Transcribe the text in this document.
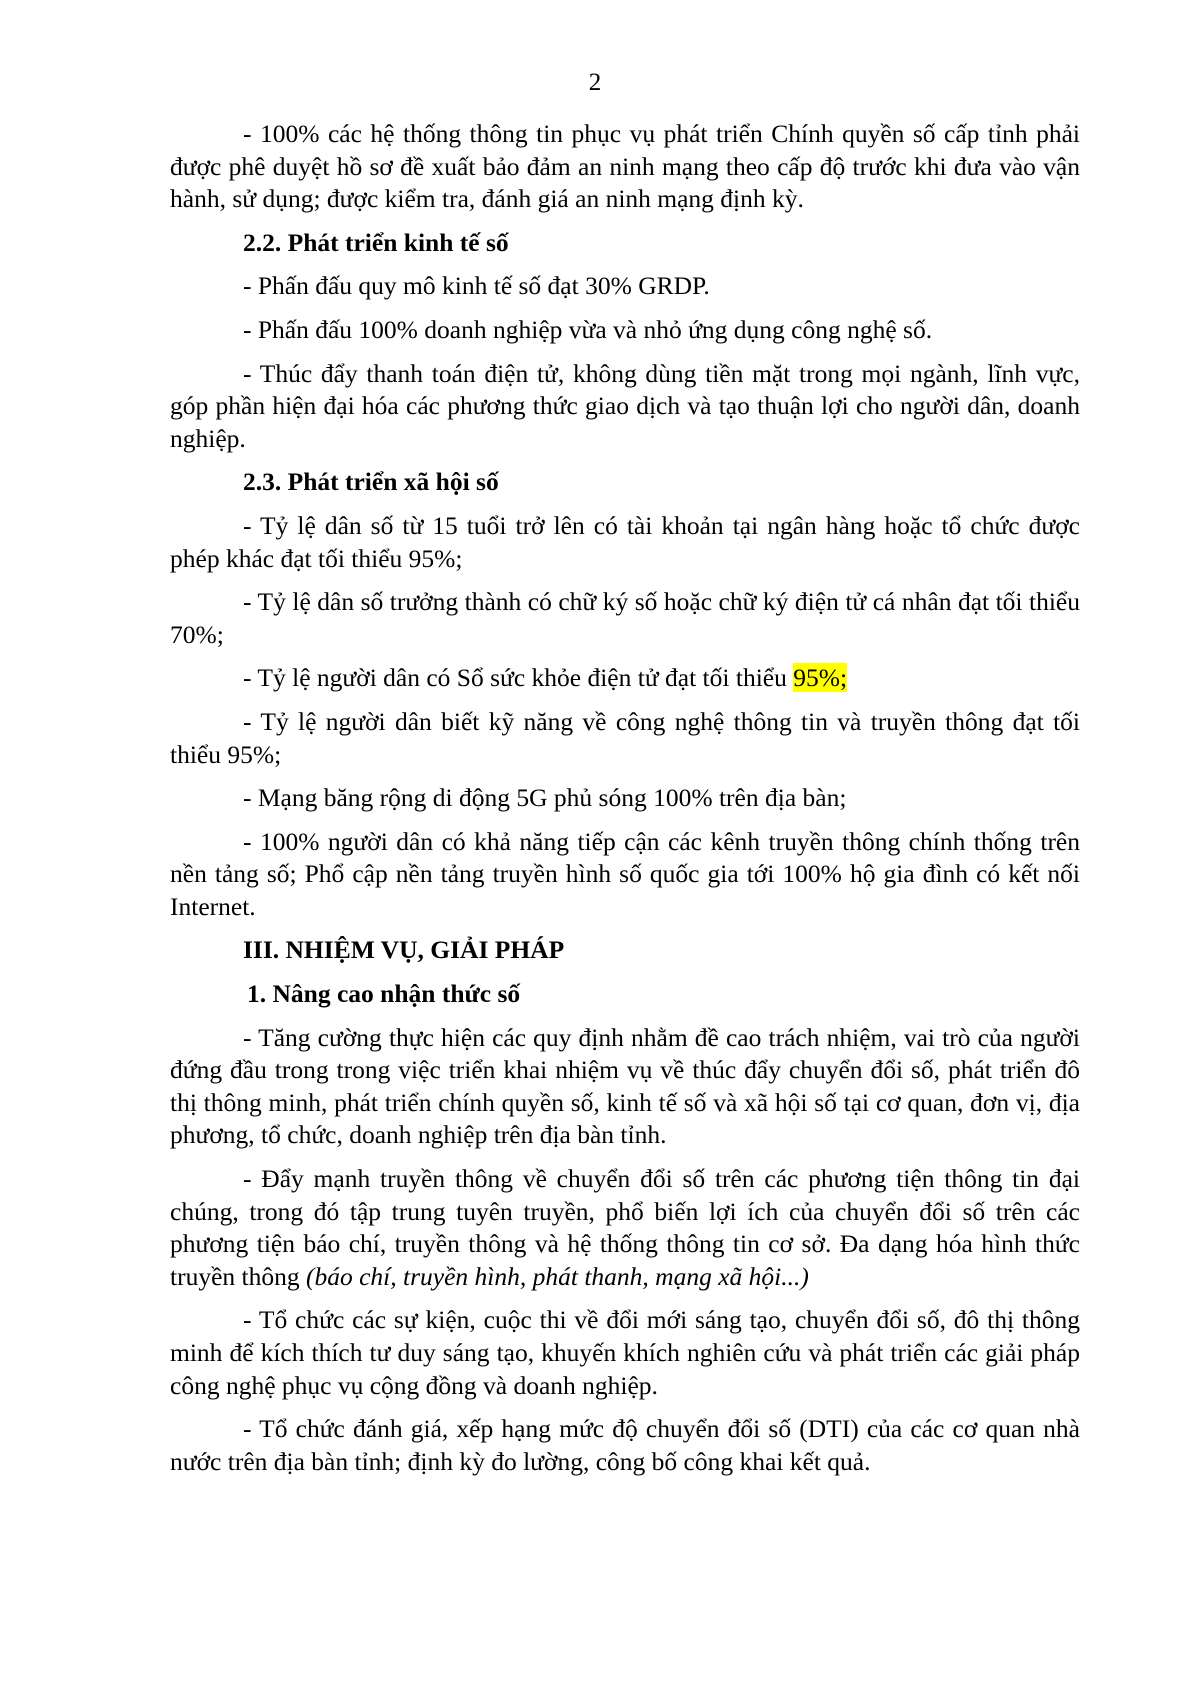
2

- 100% các hệ thống thông tin phục vụ phát triển Chính quyền số cấp tỉnh phải được phê duyệt hồ sơ đề xuất bảo đảm an ninh mạng theo cấp độ trước khi đưa vào vận hành, sử dụng; được kiểm tra, đánh giá an ninh mạng định kỳ.

2.2. Phát triển kinh tế số

- Phấn đấu quy mô kinh tế số đạt 30% GRDP.

- Phấn đấu 100% doanh nghiệp vừa và nhỏ ứng dụng công nghệ số.

- Thúc đẩy thanh toán điện tử, không dùng tiền mặt trong mọi ngành, lĩnh vực, góp phần hiện đại hóa các phương thức giao dịch và tạo thuận lợi cho người dân, doanh nghiệp.

2.3. Phát triển xã hội số

- Tỷ lệ dân số từ 15 tuổi trở lên có tài khoản tại ngân hàng hoặc tổ chức được phép khác đạt tối thiểu 95%;

- Tỷ lệ dân số trưởng thành có chữ ký số hoặc chữ ký điện tử cá nhân đạt tối thiểu 70%;

- Tỷ lệ người dân có Sổ sức khỏe điện tử đạt tối thiểu 95%;

- Tỷ lệ người dân biết kỹ năng về công nghệ thông tin và truyền thông đạt tối thiểu 95%;

- Mạng băng rộng di động 5G phủ sóng 100% trên địa bàn;

- 100% người dân có khả năng tiếp cận các kênh truyền thông chính thống trên nền tảng số; Phổ cập nền tảng truyền hình số quốc gia tới 100% hộ gia đình có kết nối Internet.

III. NHIỆM VỤ, GIẢI PHÁP

1. Nâng cao nhận thức số

- Tăng cường thực hiện các quy định nhằm đề cao trách nhiệm, vai trò của người đứng đầu trong trong việc triển khai nhiệm vụ về thúc đẩy chuyển đổi số, phát triển đô thị thông minh, phát triển chính quyền số, kinh tế số và xã hội số tại cơ quan, đơn vị, địa phương, tổ chức, doanh nghiệp trên địa bàn tỉnh.

- Đẩy mạnh truyền thông về chuyển đổi số trên các phương tiện thông tin đại chúng, trong đó tập trung tuyên truyền, phổ biến lợi ích của chuyển đổi số trên các phương tiện báo chí, truyền thông và hệ thống thông tin cơ sở. Đa dạng hóa hình thức truyền thông (báo chí, truyền hình, phát thanh, mạng xã hội...)

- Tổ chức các sự kiện, cuộc thi về đổi mới sáng tạo, chuyển đổi số, đô thị thông minh để kích thích tư duy sáng tạo, khuyến khích nghiên cứu và phát triển các giải pháp công nghệ phục vụ cộng đồng và doanh nghiệp.

- Tổ chức đánh giá, xếp hạng mức độ chuyển đổi số (DTI) của các cơ quan nhà nước trên địa bàn tỉnh; định kỳ đo lường, công bố công khai kết quả.
